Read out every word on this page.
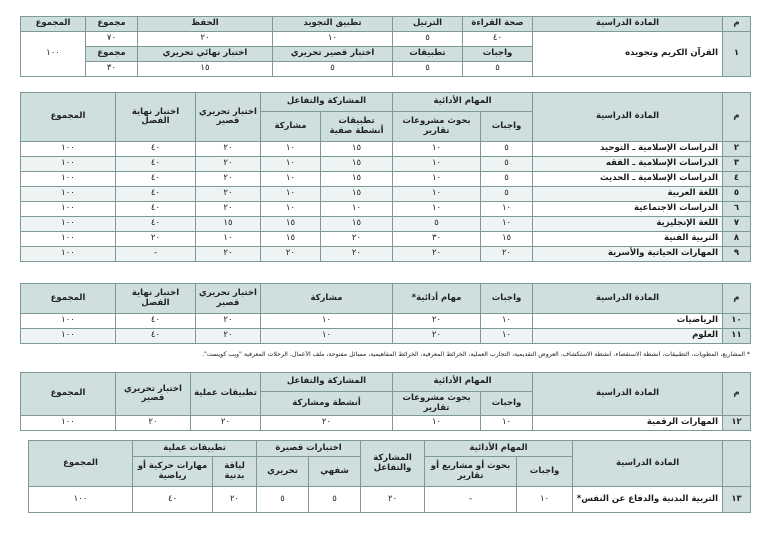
م	المادة الدراسية	صحة القراءة	الترتيل	تطبيق التجويد	الحفظ	مجموع	المجموع
١	القرآن الكريم وتجويده	٤٠	٥	١٠	٢٠	٧٠	١٠٠
		واجبات	تطبيقات	اختبار قصير تحريري	اختبار نهائي تحريري	مجموع	
		٥	٥	٥	١٥	٣٠	
م	المادة الدراسية	المهام الأدائية		المشاركة والتفاعل		اختبار تحريري قصير	اختبار نهاية الفصل	المجموع
		واجبات	بحوث مشروعات تقارير	تطبيقات أنشطة صفية	مشاركة			
٢	الدراسات الإسلامية ـ التوحيد	٥	١٠	١٥	١٠	٢٠	٤٠	١٠٠
٣	الدراسات الإسلامية ـ الفقه	٥	١٠	١٥	١٠	٢٠	٤٠	١٠٠
٤	الدراسات الإسلامية ـ الحديث	٥	١٠	١٥	١٠	٢٠	٤٠	١٠٠
٥	اللغة العربية	٥	١٠	١٥	١٠	٢٠	٤٠	١٠٠
٦	الدراسات الاجتماعية	١٠	١٠	١٠	١٠	٢٠	٤٠	١٠٠
٧	اللغة الإنجليزية	١٠	٥	١٥	١٥	١٥	٤٠	١٠٠
٨	التربية الفنية	١٥	٣٠	٢٠	١٥	١٠	٢٠	١٠٠
٩	المهارات الحياتية والأسرية	٢٠	٢٠	٢٠	٢٠	٢٠	-	١٠٠
م	المادة الدراسية	واجبات	مهام أدائية*	مشاركة	اختبار تحريري قصير	اختبار نهاية الفصل	المجموع
١٠	الرياضيات	١٠	٢٠	١٠	٢٠	٤٠	١٠٠
١١	العلوم	١٠	٢٠	١٠	٢٠	٤٠	١٠٠
* المشاريع، المطويات، التطبيقات، أنشطة الاستقصاء، أنشطة الاستكشاف، العروض التقديمية، التجارب العملية، الخرائط المعرفية، الخرائط المفاهيمية، مسائل مفتوحة، ملف الأعمال، الرحلات المعرفية "ويب كويست".
م	المادة الدراسية	المهام الأدائية		المشاركة والتفاعل	تطبيقات عملية	اختبار تحريري قصير	المجموع
		واجبات	بحوث مشروعات تقارير	أنشطة ومشاركة			
١٢	المهارات الرقمية	١٠	١٠	٢٠	٢٠	٢٠	١٠٠
	المادة الدراسية	المهام الأدائية		المشاركة والتفاعل	اختبارات قصيرة		تطبيقات عملية		المجموع
		واجبات	بحوث أو مشاريع أو تقارير		شفهي	تحريري	لياقة بدنية	مهارات حركية أو رياضية	
١٣	التربية البدنية والدفاع عن النفس*	١٠	-	٢٠	٥	٥	٢٠	٤٠	١٠٠
